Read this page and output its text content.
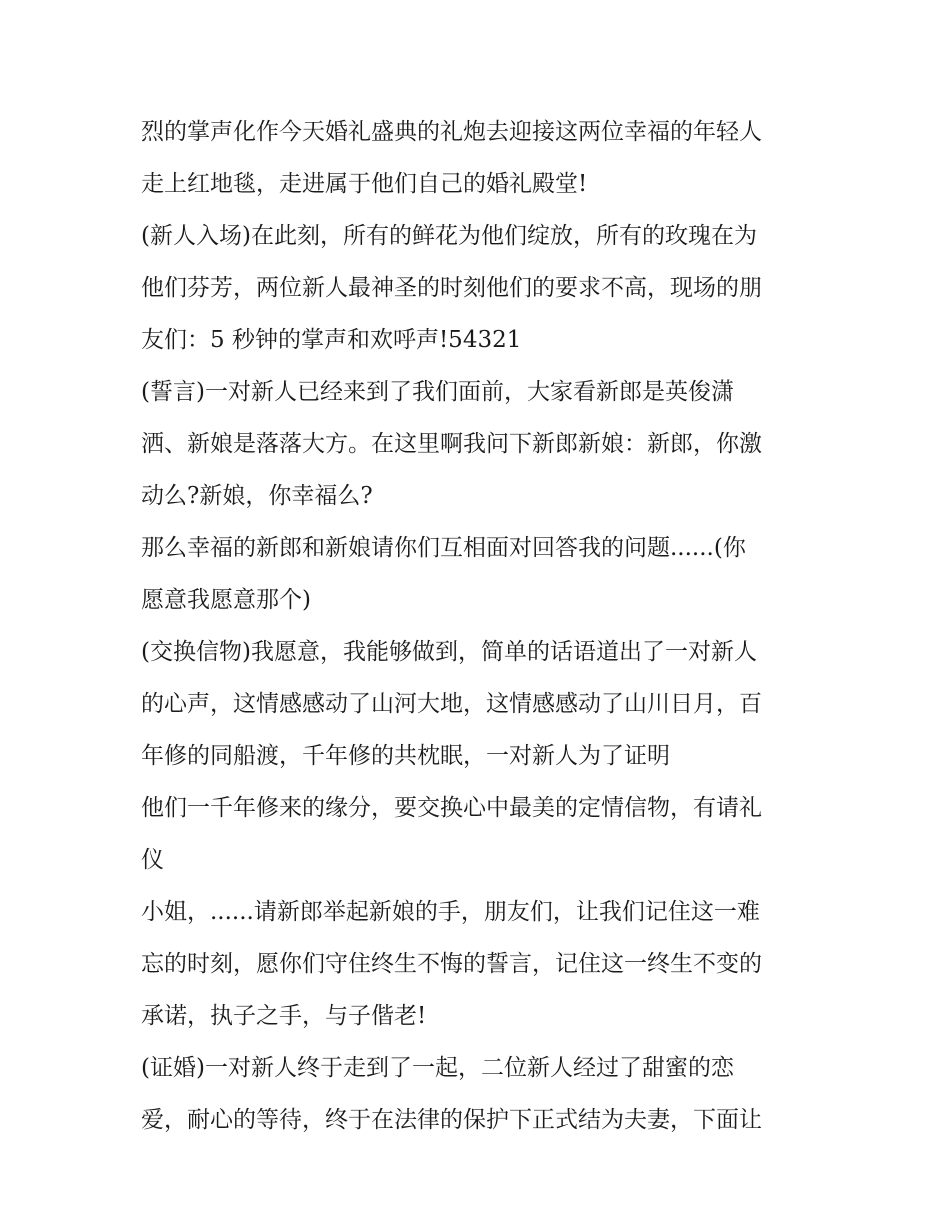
烈的掌声化作今天婚礼盛典的礼炮去迎接这两位幸福的年轻人
走上红地毯，走进属于他们自己的婚礼殿堂!
(新人入场)在此刻，所有的鲜花为他们绽放，所有的玫瑰在为
他们芬芳，两位新人最神圣的时刻他们的要求不高，现场的朋
友们：5 秒钟的掌声和欢呼声!54321
(誓言)一对新人已经来到了我们面前，大家看新郎是英俊潇
洒、新娘是落落大方。在这里啊我问下新郎新娘：新郎，你激
动么?新娘，你幸福么?
那么幸福的新郎和新娘请你们互相面对回答我的问题......(你
愿意我愿意那个)
(交换信物)我愿意，我能够做到，简单的话语道出了一对新人
的心声，这情感感动了山河大地，这情感感动了山川日月，百
年修的同船渡，千年修的共枕眠，一对新人为了证明
他们一千年修来的缘分，要交换心中最美的定情信物，有请礼
仪
小姐，......请新郎举起新娘的手，朋友们，让我们记住这一难
忘的时刻，愿你们守住终生不悔的誓言，记住这一终生不变的
承诺，执子之手，与子偕老!
(证婚)一对新人终于走到了一起，二位新人经过了甜蜜的恋
爱，耐心的等待，终于在法律的保护下正式结为夫妻，下面让
